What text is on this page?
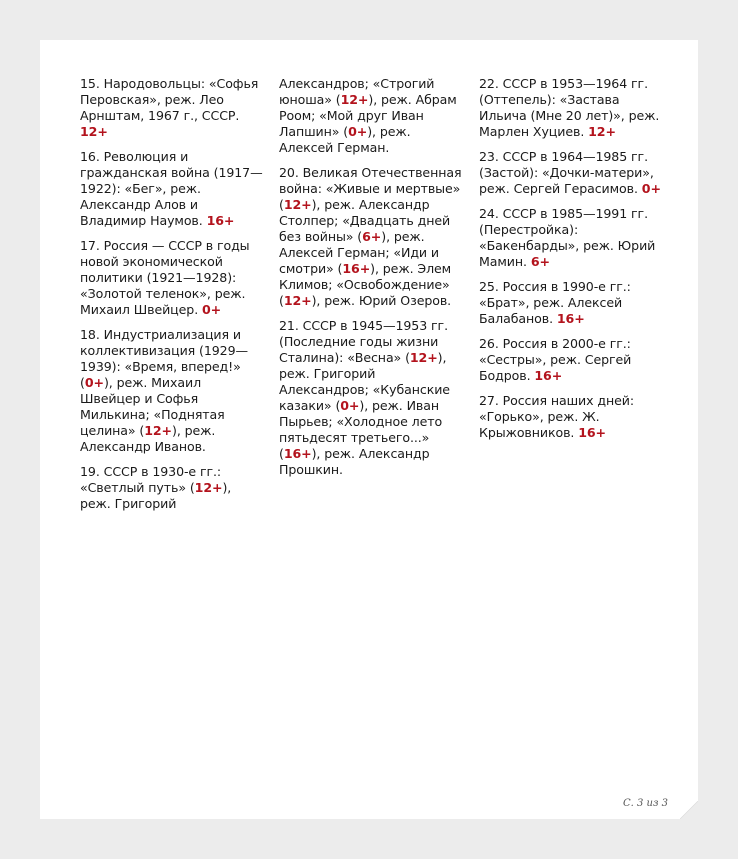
15. Народовольцы: «Софья Перовская», реж. Лео Арнштам, 1967 г., СССР. 12+

16. Революция и гражданская война (1917—1922): «Бег», реж. Александр Алов и Владимир Наумов. 16+

17. Россия — СССР в годы новой экономической политики (1921—1928): «Золотой теленок», реж. Михаил Швейцер. 0+

18. Индустриализация и коллективизация (1929—1939): «Время, вперед!» (0+), реж. Михаил Швейцер и Софья Милькина; «Поднятая целина» (12+), реж. Александр Иванов.

19. СССР в 1930-е гг.: «Светлый путь» (12+), реж. Григорий

Александров; «Строгий юноша» (12+), реж. Абрам Роом; «Мой друг Иван Лапшин» (0+), реж. Алексей Герман.

20. Великая Отечественная война: «Живые и мертвые» (12+), реж. Александр Столпер; «Двадцать дней без войны» (6+), реж. Алексей Герман; «Иди и смотри» (16+), реж. Элем Климов; «Освобождение» (12+), реж. Юрий Озеров.

21. СССР в 1945—1953 гг. (Последние годы жизни Сталина): «Весна» (12+), реж. Григорий Александров; «Кубанские казаки» (0+), реж. Иван Пырьев; «Холодное лето пятьдесят третьего...» (16+), реж. Александр Прошкин.

22. СССР в 1953—1964 гг. (Оттепель): «Застава Ильича (Мне 20 лет)», реж. Марлен Хуциев. 12+

23. СССР в 1964—1985 гг. (Застой): «Дочки-матери», реж. Сергей Герасимов. 0+

24. СССР в 1985—1991 гг. (Перестройка): «Бакенбарды», реж. Юрий Мамин. 6+

25. Россия в 1990-е гг.: «Брат», реж. Алексей Балабанов. 16+

26. Россия в 2000-е гг.: «Сестры», реж. Сергей Бодров. 16+

27. Россия наших дней: «Горько», реж. Ж. Крыжовников. 16+

С. 3 из 3
